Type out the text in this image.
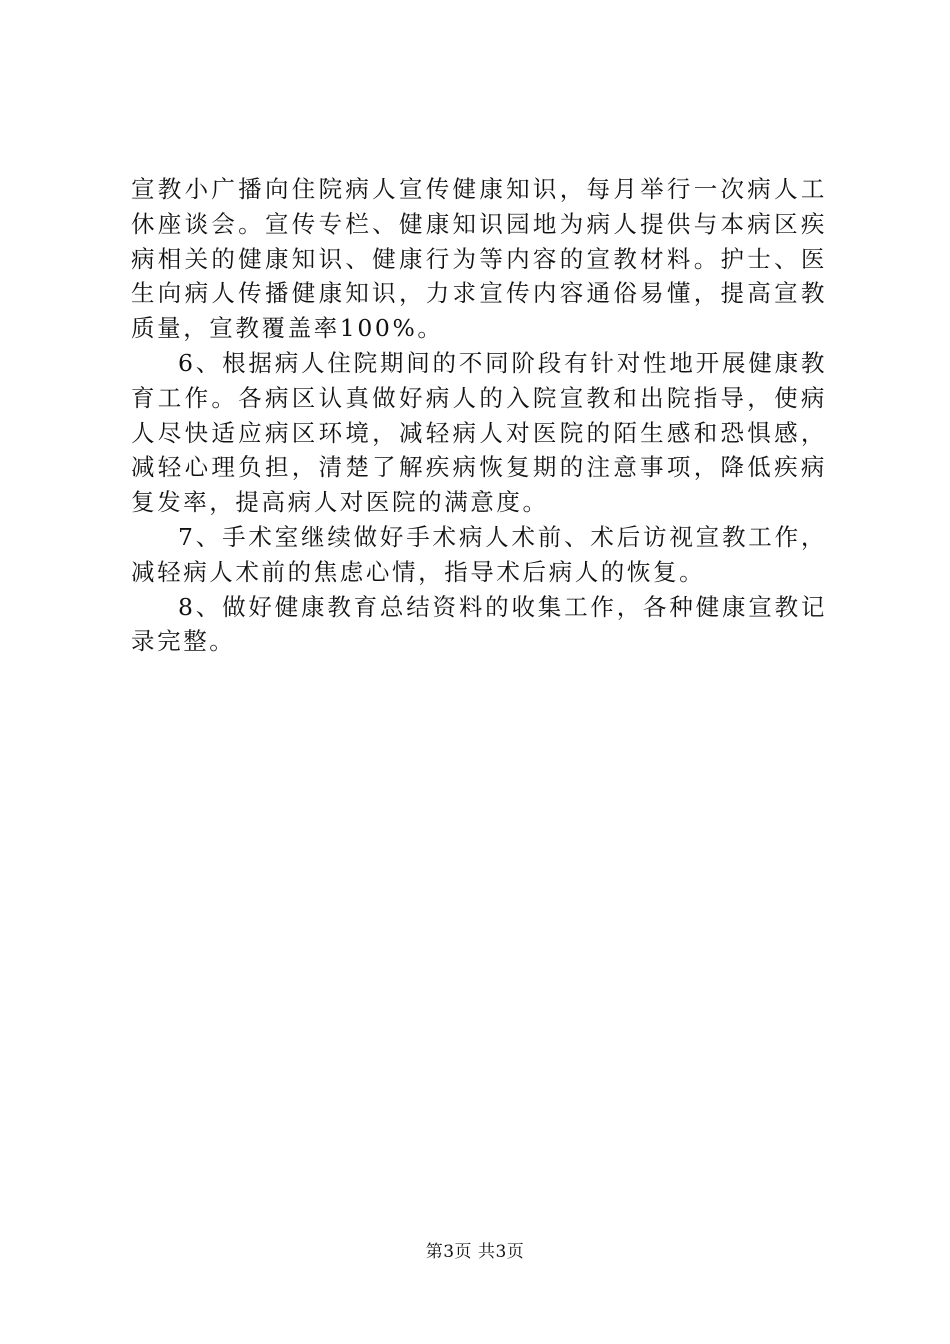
宣教小广播向住院病人宣传健康知识，每月举行一次病人工休座谈会。宣传专栏、健康知识园地为病人提供与本病区疾病相关的健康知识、健康行为等内容的宣教材料。护士、医生向病人传播健康知识，力求宣传内容通俗易懂，提高宣教质量，宣教覆盖率100%。

6、根据病人住院期间的不同阶段有针对性地开展健康教育工作。各病区认真做好病人的入院宣教和出院指导，使病人尽快适应病区环境，减轻病人对医院的陌生感和恐惧感，减轻心理负担，清楚了解疾病恢复期的注意事项，降低疾病复发率，提高病人对医院的满意度。

7、手术室继续做好手术病人术前、术后访视宣教工作，减轻病人术前的焦虑心情，指导术后病人的恢复。

8、做好健康教育总结资料的收集工作，各种健康宣教记录完整。

第3页 共3页
